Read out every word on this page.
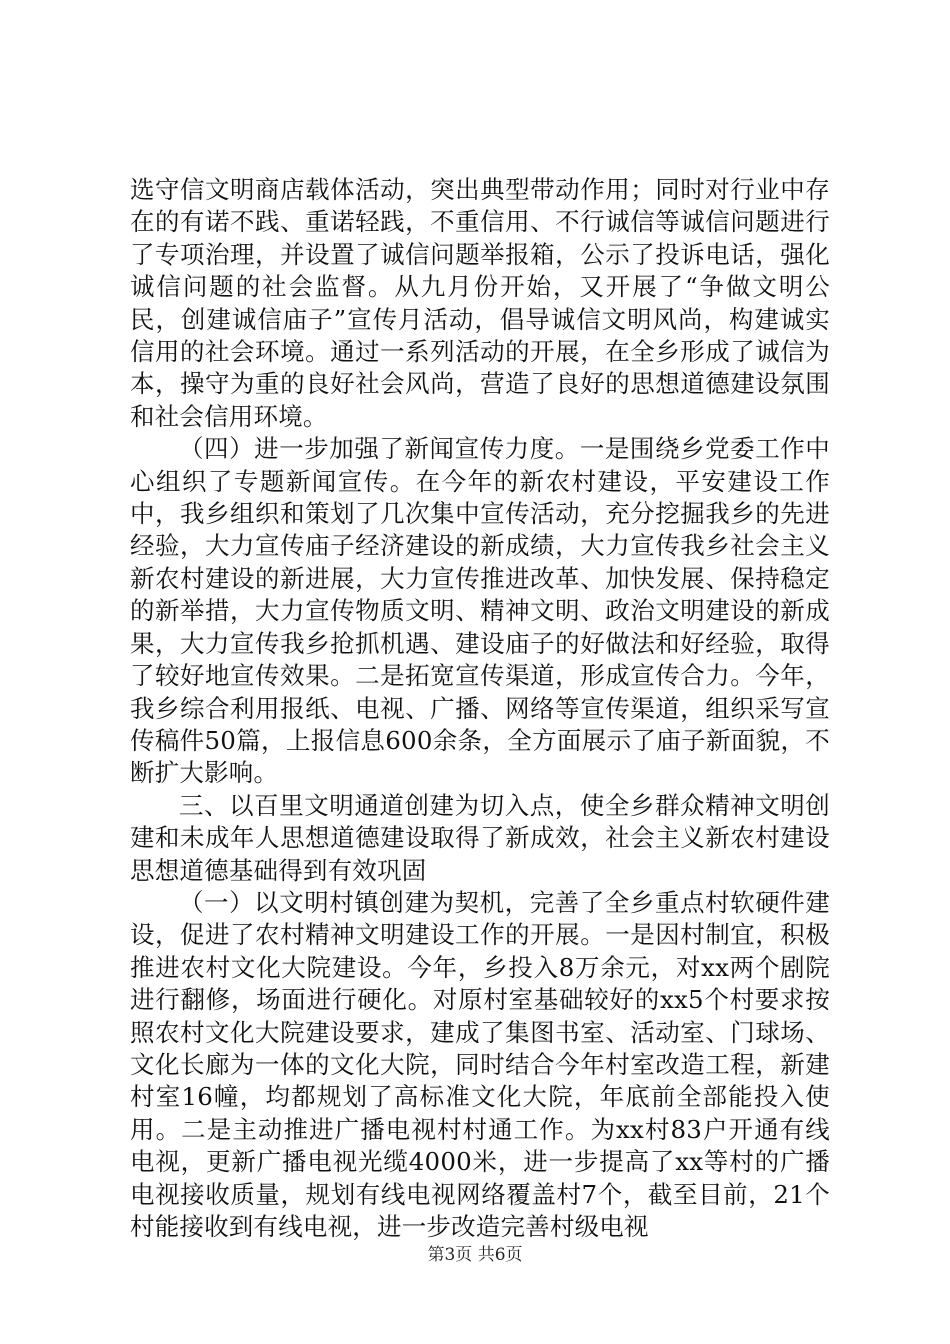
选守信文明商店载体活动，突出典型带动作用；同时对行业中存在的有诺不践、重诺轻践，不重信用、不行诚信等诚信问题进行了专项治理，并设置了诚信问题举报箱，公示了投诉电话，强化诚信问题的社会监督。从九月份开始，又开展了“争做文明公民，创建诚信庙子”宣传月活动，倡导诚信文明风尚，构建诚实信用的社会环境。通过一系列活动的开展，在全乡形成了诚信为本，操守为重的良好社会风尚，营造了良好的思想道德建设氛围和社会信用环境。

（四）进一步加强了新闻宣传力度。一是围绕乡党委工作中心组织了专题新闻宣传。在今年的新农村建设，平安建设工作中，我乡组织和策划了几次集中宣传活动，充分挖掘我乡的先进经验，大力宣传庙子经济建设的新成绩，大力宣传我乡社会主义新农村建设的新进展，大力宣传推进改革、加快发展、保持稳定的新举措，大力宣传物质文明、精神文明、政治文明建设的新成果，大力宣传我乡抢抓机遇、建设庙子的好做法和好经验，取得了较好地宣传效果。二是拓宽宣传渠道，形成宣传合力。今年，我乡综合利用报纸、电视、广播、网络等宣传渠道，组织采写宣传稿件50篇，上报信息600余条，全方面展示了庙子新面貌，不断扩大影响。

三、以百里文明通道创建为切入点，使全乡群众精神文明创建和未成年人思想道德建设取得了新成效，社会主义新农村建设思想道德基础得到有效巩固

（一）以文明村镇创建为契机，完善了全乡重点村软硬件建设，促进了农村精神文明建设工作的开展。一是因村制宜，积极推进农村文化大院建设。今年，乡投入8万余元，对xx两个剧院进行翻修，场面进行硬化。对原村室基础较好的xx5个村要求按照农村文化大院建设要求，建成了集图书室、活动室、门球场、文化长廊为一体的文化大院，同时结合今年村室改造工程，新建村室16幢，均都规划了高标准文化大院，年底前全部能投入使用。二是主动推进广播电视村村通工作。为xx村83户开通有线电视，更新广播电视光缆4000米，进一步提高了xx等村的广播电视接收质量，规划有线电视网络覆盖村7个，截至目前，21个村能接收到有线电视，进一步改造完善村级电视

第3页 共6页
